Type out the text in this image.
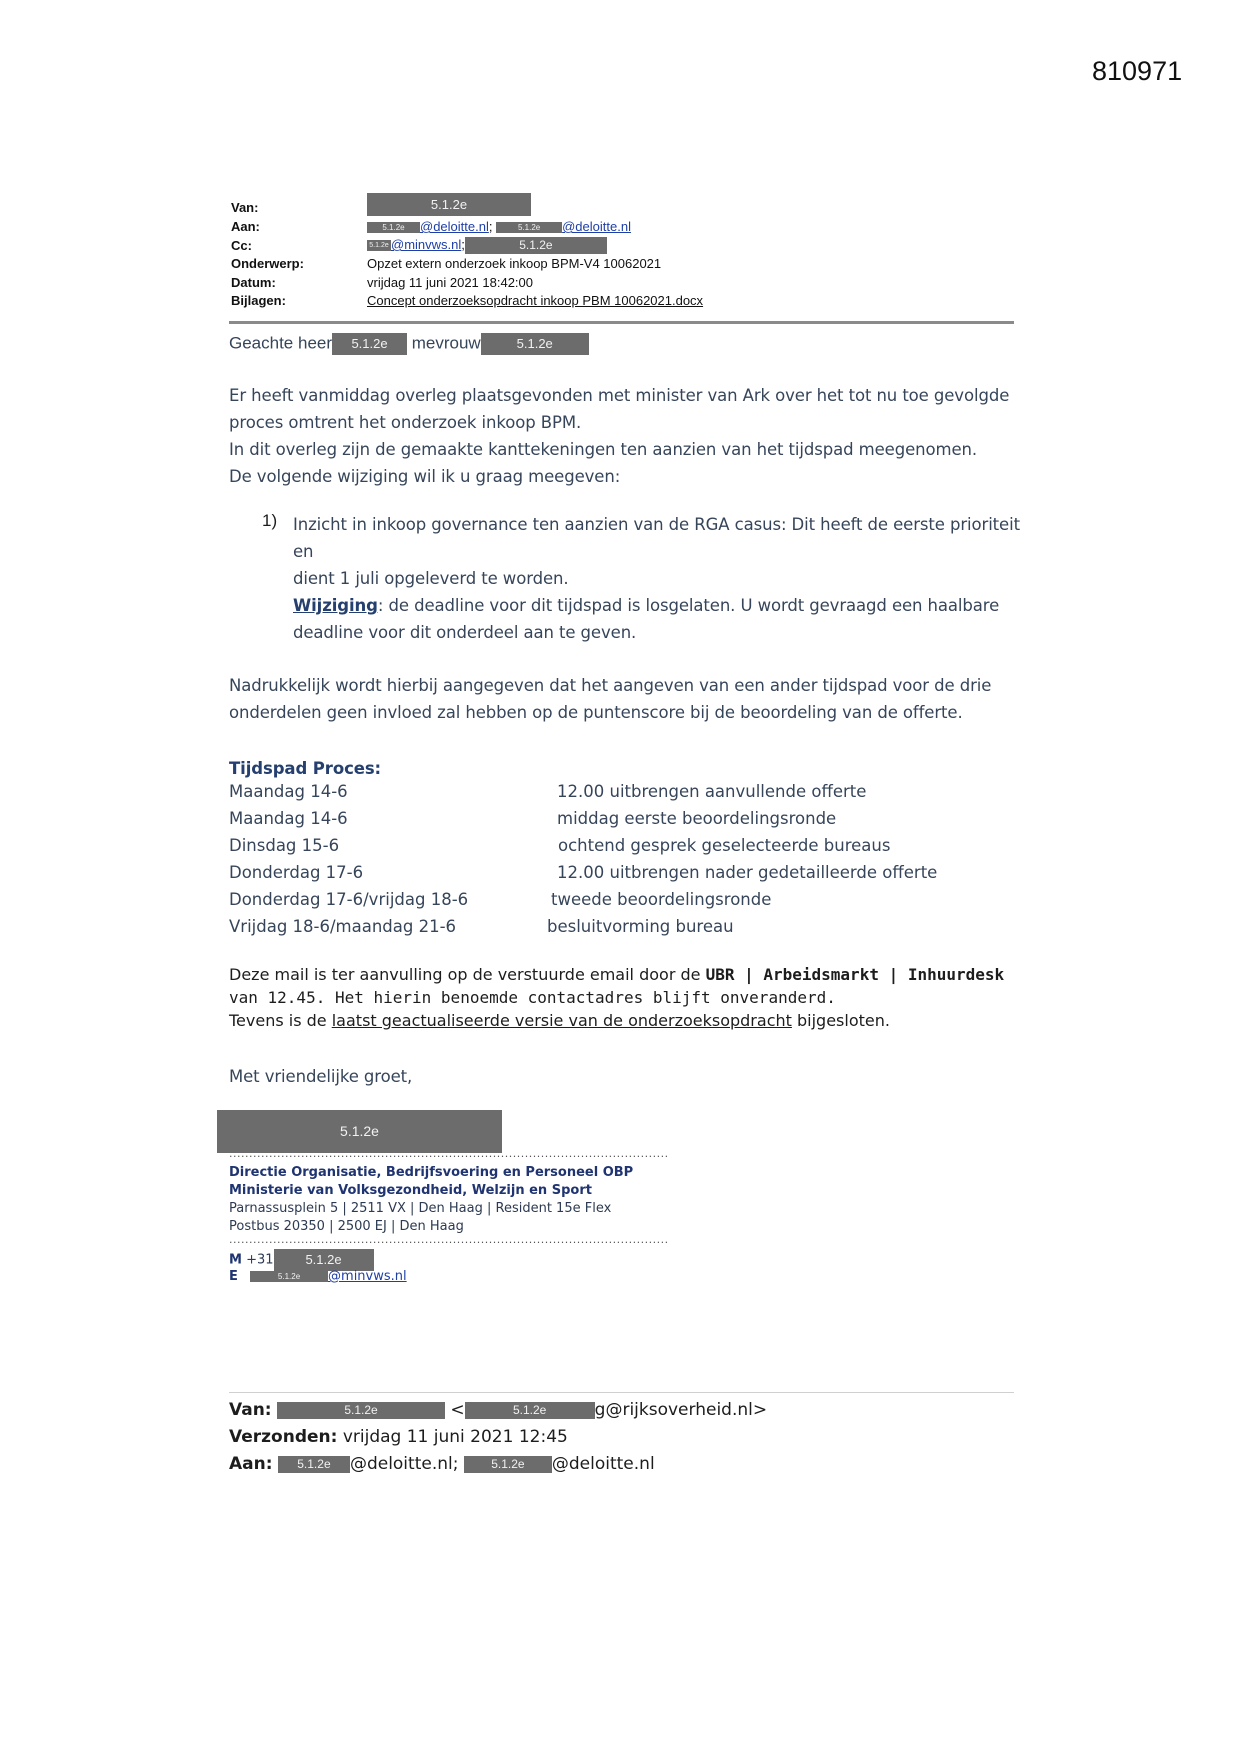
810971
Van:	5.1.2e
Aan:	5.1.2e @deloitte.nl;	5.1.2e @deloitte.nl
Cc:	5.1.2e @minvws.nl;	5.1.2e
Onderwerp:	Opzet extern onderzoek inkoop BPM-V4 10062021
Datum:	vrijdag 11 juni 2021 18:42:00
Bijlagen:	Concept onderzoeksopdracht inkoop PBM 10062021.docx
Geachte heer 5.1.2e mevrouw	5.1.2e
Er heeft vanmiddag overleg plaatsgevonden met minister van Ark over het tot nu toe gevolgde proces omtrent het onderzoek inkoop BPM.
In dit overleg zijn de gemaakte kanttekeningen ten aanzien van het tijdspad meegenomen.
De volgende wijziging wil ik u graag meegeven:
1) Inzicht in inkoop governance ten aanzien van de RGA casus: Dit heeft de eerste prioriteit
en
dient 1 juli opgeleverd te worden.
Wijziging: de deadline voor dit tijdspad is losgelaten. U wordt gevraagd een haalbare
deadline voor dit onderdeel aan te geven.
Nadrukkelijk wordt hierbij aangegeven dat het aangeven van een ander tijdspad voor de drie
onderdelen geen invloed zal hebben op de puntenscore bij de beoordeling van de offerte.
Tijdspad Proces:
Maandag 14-6	12.00 uitbrengen aanvullende offerte
Maandag 14-6	middag eerste beoordelingsronde
Dinsdag 15-6	ochtend gesprek geselecteerde bureaus
Donderdag 17-6	12.00 uitbrengen nader gedetailleerde offerte
Donderdag 17-6/vrijdag 18-6	tweede beoordelingsronde
Vrijdag 18-6/maandag 21-6	besluitvorming bureau
Deze mail is ter aanvulling op de verstuurde email door de UBR | Arbeidsmarkt | Inhuurdesk
van 12.45. Het hierin benoemde contactadres blijft onveranderd.
Tevens is de laatst geactualiseerde versie van de onderzoeksopdracht bijgesloten.
Met vriendelijke groet,
5.1.2e
..............................................................................................................
Directie Organisatie, Bedrijfsvoering en Personeel OBP
Ministerie van Volksgezondheid, Welzijn en Sport
Parnassusplein 5 | 2511 VX | Den Haag | Resident 15e Flex
Postbus 20350 | 2500 EJ | Den Haag
..............................................................................................................
M +31 5.1.2e
E	5.1.2e @minvws.nl
Van:	5.1.2e	<	5.1.2e	g@rijksoverheid.nl>
Verzonden: vrijdag 11 juni 2021 12:45
Aan: 5.1.2e @deloitte.nl;	5.1.2e @deloitte.nl
